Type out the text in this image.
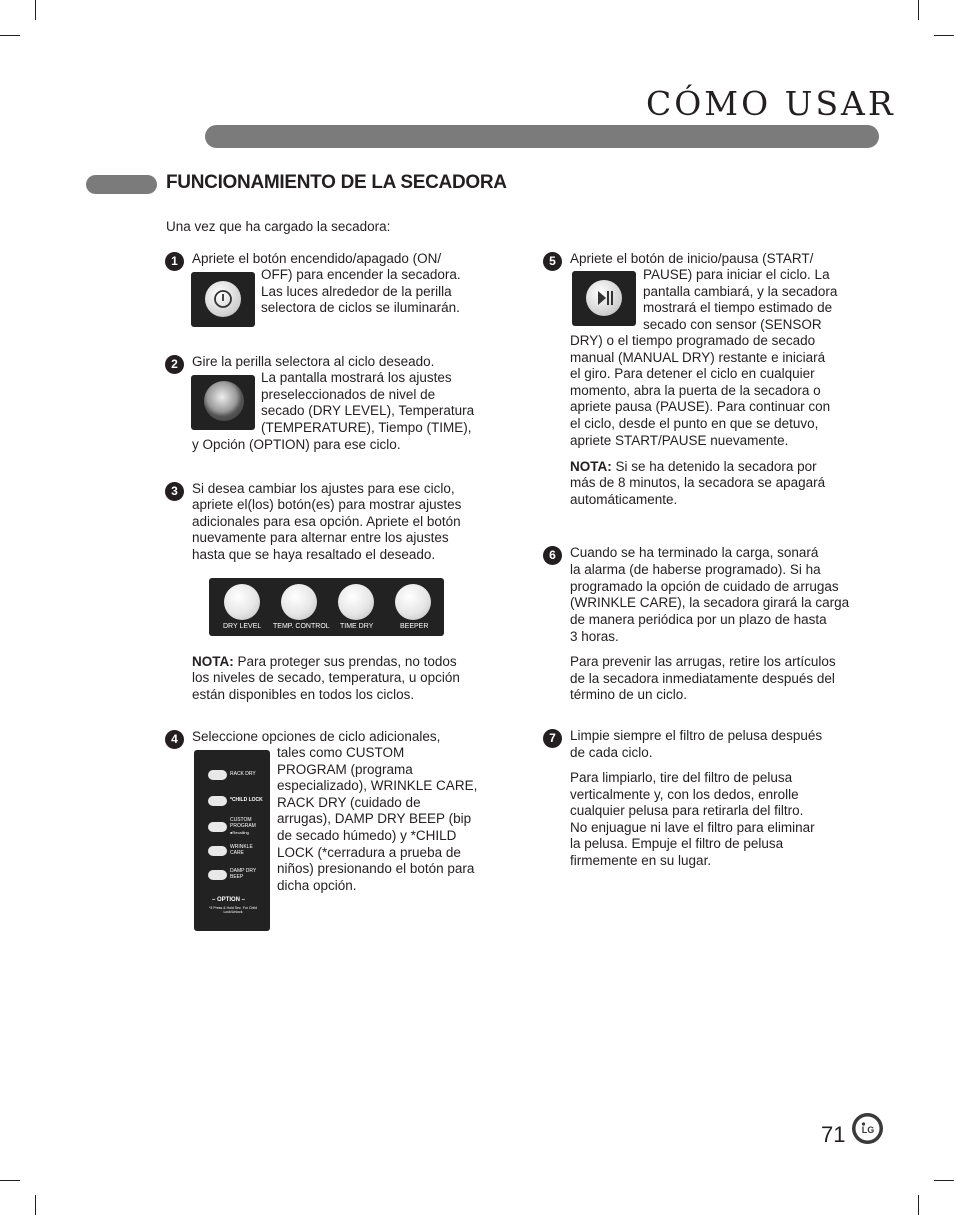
CÓMO USAR
FUNCIONAMIENTO DE LA SECADORA
Una vez que ha cargado la secadora:
1	Apriete el botón encendido/apagado (ON/
OFF) para encender la secadora.
Las luces alrededor de la perilla
selectora de ciclos se iluminarán.
2	Gire la perilla selectora al ciclo deseado.
La pantalla mostrará los ajustes
preseleccionados de nivel de
secado (DRY LEVEL), Temperatura
(TEMPERATURE), Tiempo (TIME),
y Opción (OPTION) para ese ciclo.
3	Si desea cambiar los ajustes para ese ciclo,
apriete el(los) botón(es) para mostrar ajustes
adicionales para esa opción. Apriete el botón
nuevamente para alternar entre los ajustes
hasta que se haya resaltado el deseado.
DRY LEVEL TEMP. CONTROL TIME DRY	BEEPER
NOTA: Para proteger sus prendas, no todos
los niveles de secado, temperatura, u opción
están disponibles en todos los ciclos.
4	Seleccione opciones de ciclo adicionales,
tales como CUSTOM
PROGRAM (programa
especializado), WRINKLE CARE,
RACK DRY (cuidado de
arrugas), DAMP DRY BEEP (bip
de secado húmedo) y *CHILD
LOCK (*cerradura a prueba de
niños) presionando el botón para
dicha opción.
RACK DRY
*CHILD LOCK
CUSTOM PROGRAM
●Recalling
WRINKLE CARE
DAMP DRY BEEP
– OPTION –
*3 Press & Hold Sec. For Child Lock/Unlock
5	Apriete el botón de inicio/pausa (START/
PAUSE) para iniciar el ciclo. La
pantalla cambiará, y la secadora
mostrará el tiempo estimado de
secado con sensor (SENSOR
DRY) o el tiempo programado de secado
manual (MANUAL DRY) restante e iniciará
el giro. Para detener el ciclo en cualquier
momento, abra la puerta de la secadora o
apriete pausa (PAUSE). Para continuar con
el ciclo, desde el punto en que se detuvo,
apriete START/PAUSE nuevamente.
NOTA: Si se ha detenido la secadora por
más de 8 minutos, la secadora se apagará
automáticamente.
6	Cuando se ha terminado la carga, sonará
la alarma (de haberse programado). Si ha
programado la opción de cuidado de arrugas
(WRINKLE CARE), la secadora girará la carga
de manera periódica por un plazo de hasta
3 horas.
Para prevenir las arrugas, retire los artículos
de la secadora inmediatamente después del
término de un ciclo.
7	Limpie siempre el filtro de pelusa después
de cada ciclo.
Para limpiarlo, tire del filtro de pelusa
verticalmente y, con los dedos, enrolle
cualquier pelusa para retirarla del filtro.
No enjuague ni lave el filtro para eliminar
la pelusa. Empuje el filtro de pelusa
firmemente en su lugar.
71 LG
